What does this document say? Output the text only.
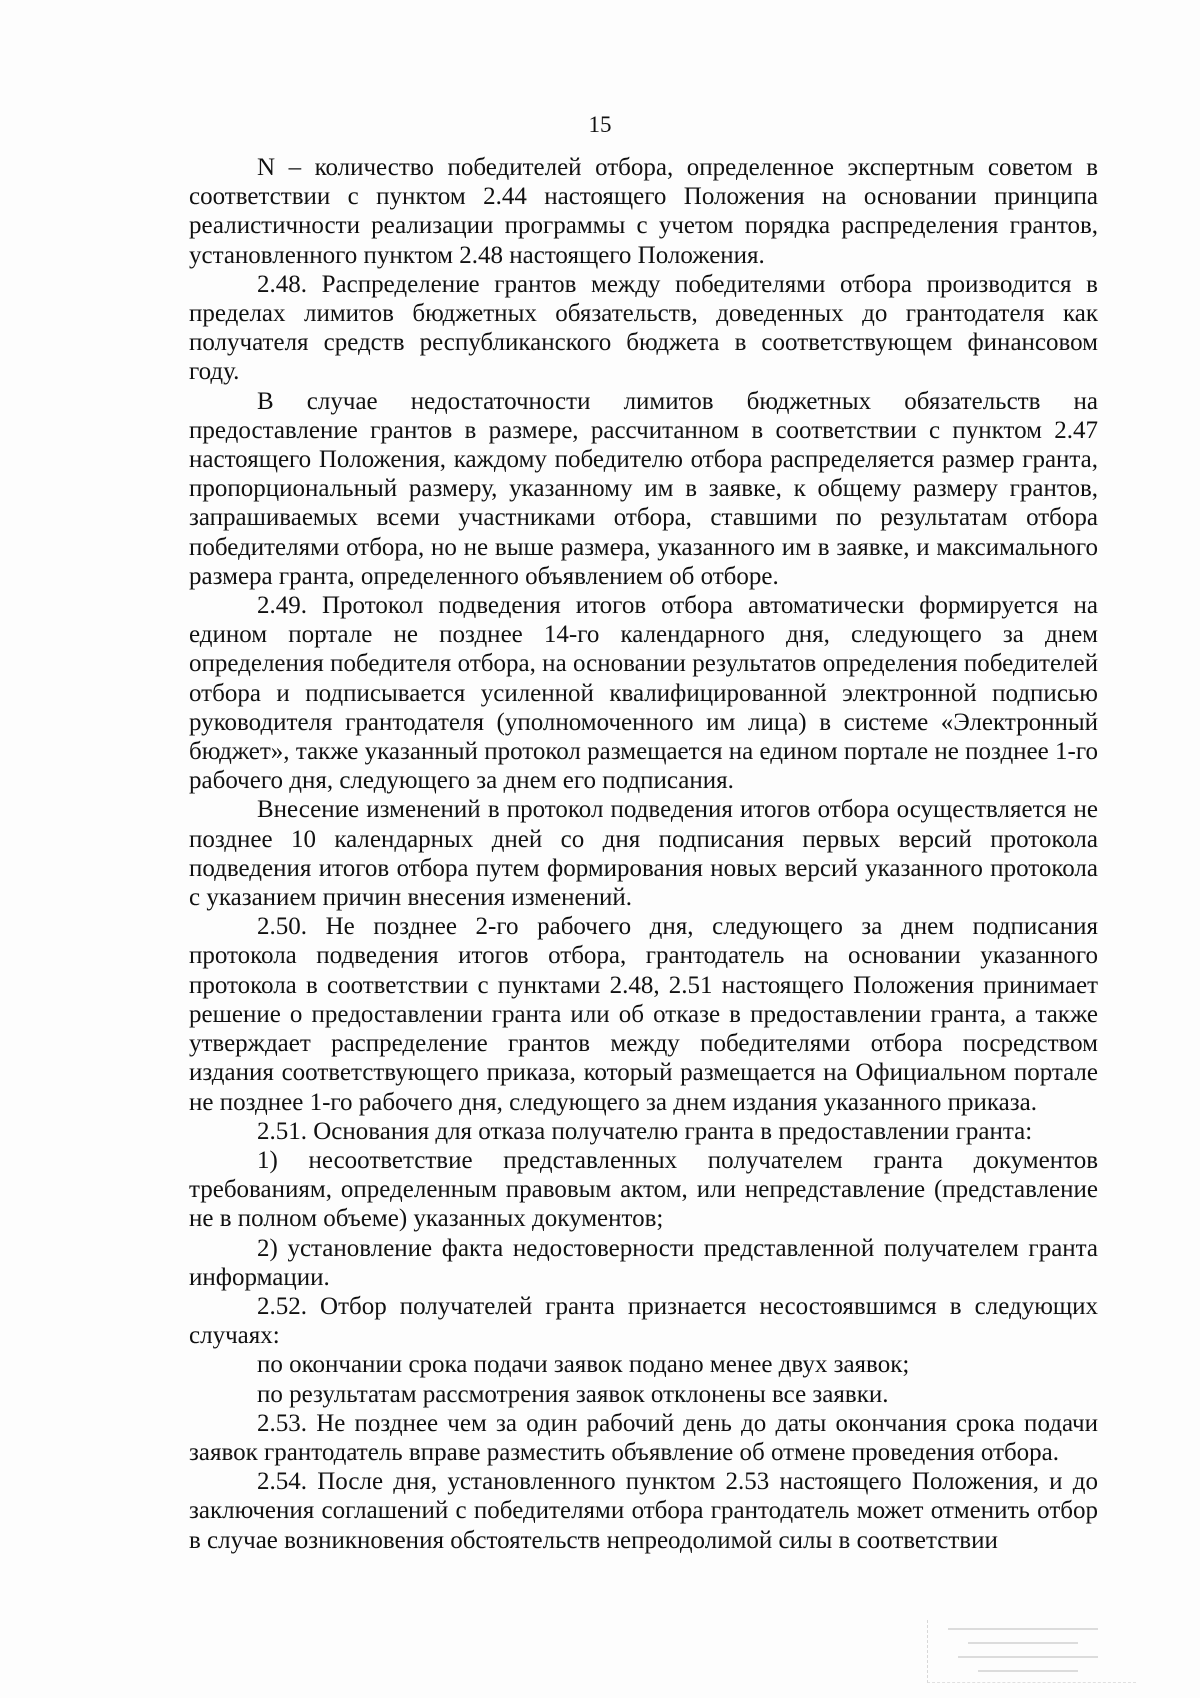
15

N – количество победителей отбора, определенное экспертным советом в соответствии с пунктом 2.44 настоящего Положения на основании принципа реалистичности реализации программы с учетом порядка распределения грантов, установленного пунктом 2.48 настоящего Положения.

2.48. Распределение грантов между победителями отбора производится в пределах лимитов бюджетных обязательств, доведенных до грантодателя как получателя средств республиканского бюджета в соответствующем финансовом году.

В случае недостаточности лимитов бюджетных обязательств на предоставление грантов в размере, рассчитанном в соответствии с пунктом 2.47 настоящего Положения, каждому победителю отбора распределяется размер гранта, пропорциональный размеру, указанному им в заявке, к общему размеру грантов, запрашиваемых всеми участниками отбора, ставшими по результатам отбора победителями отбора, но не выше размера, указанного им в заявке, и максимального размера гранта, определенного объявлением об отборе.

2.49. Протокол подведения итогов отбора автоматически формируется на едином портале не позднее 14-го календарного дня, следующего за днем определения победителя отбора, на основании результатов определения победителей отбора и подписывается усиленной квалифицированной электронной подписью руководителя грантодателя (уполномоченного им лица) в системе «Электронный бюджет», также указанный протокол размещается на едином портале не позднее 1-го рабочего дня, следующего за днем его подписания.

Внесение изменений в протокол подведения итогов отбора осуществляется не позднее 10 календарных дней со дня подписания первых версий протокола подведения итогов отбора путем формирования новых версий указанного протокола с указанием причин внесения изменений.

2.50. Не позднее 2-го рабочего дня, следующего за днем подписания протокола подведения итогов отбора, грантодатель на основании указанного протокола в соответствии с пунктами 2.48, 2.51 настоящего Положения принимает решение о предоставлении гранта или об отказе в предоставлении гранта, а также утверждает распределение грантов между победителями отбора посредством издания соответствующего приказа, который размещается на Официальном портале не позднее 1-го рабочего дня, следующего за днем издания указанного приказа.

2.51. Основания для отказа получателю гранта в предоставлении гранта:

1) несоответствие представленных получателем гранта документов требованиям, определенным правовым актом, или непредставление (представление не в полном объеме) указанных документов;

2) установление факта недостоверности представленной получателем гранта информации.

2.52. Отбор получателей гранта признается несостоявшимся в следующих случаях:

по окончании срока подачи заявок подано менее двух заявок;

по результатам рассмотрения заявок отклонены все заявки.

2.53. Не позднее чем за один рабочий день до даты окончания срока подачи заявок грантодатель вправе разместить объявление об отмене проведения отбора.

2.54. После дня, установленного пунктом 2.53 настоящего Положения, и до заключения соглашений с победителями отбора грантодатель может отменить отбор в случае возникновения обстоятельств непреодолимой силы в соответствии
